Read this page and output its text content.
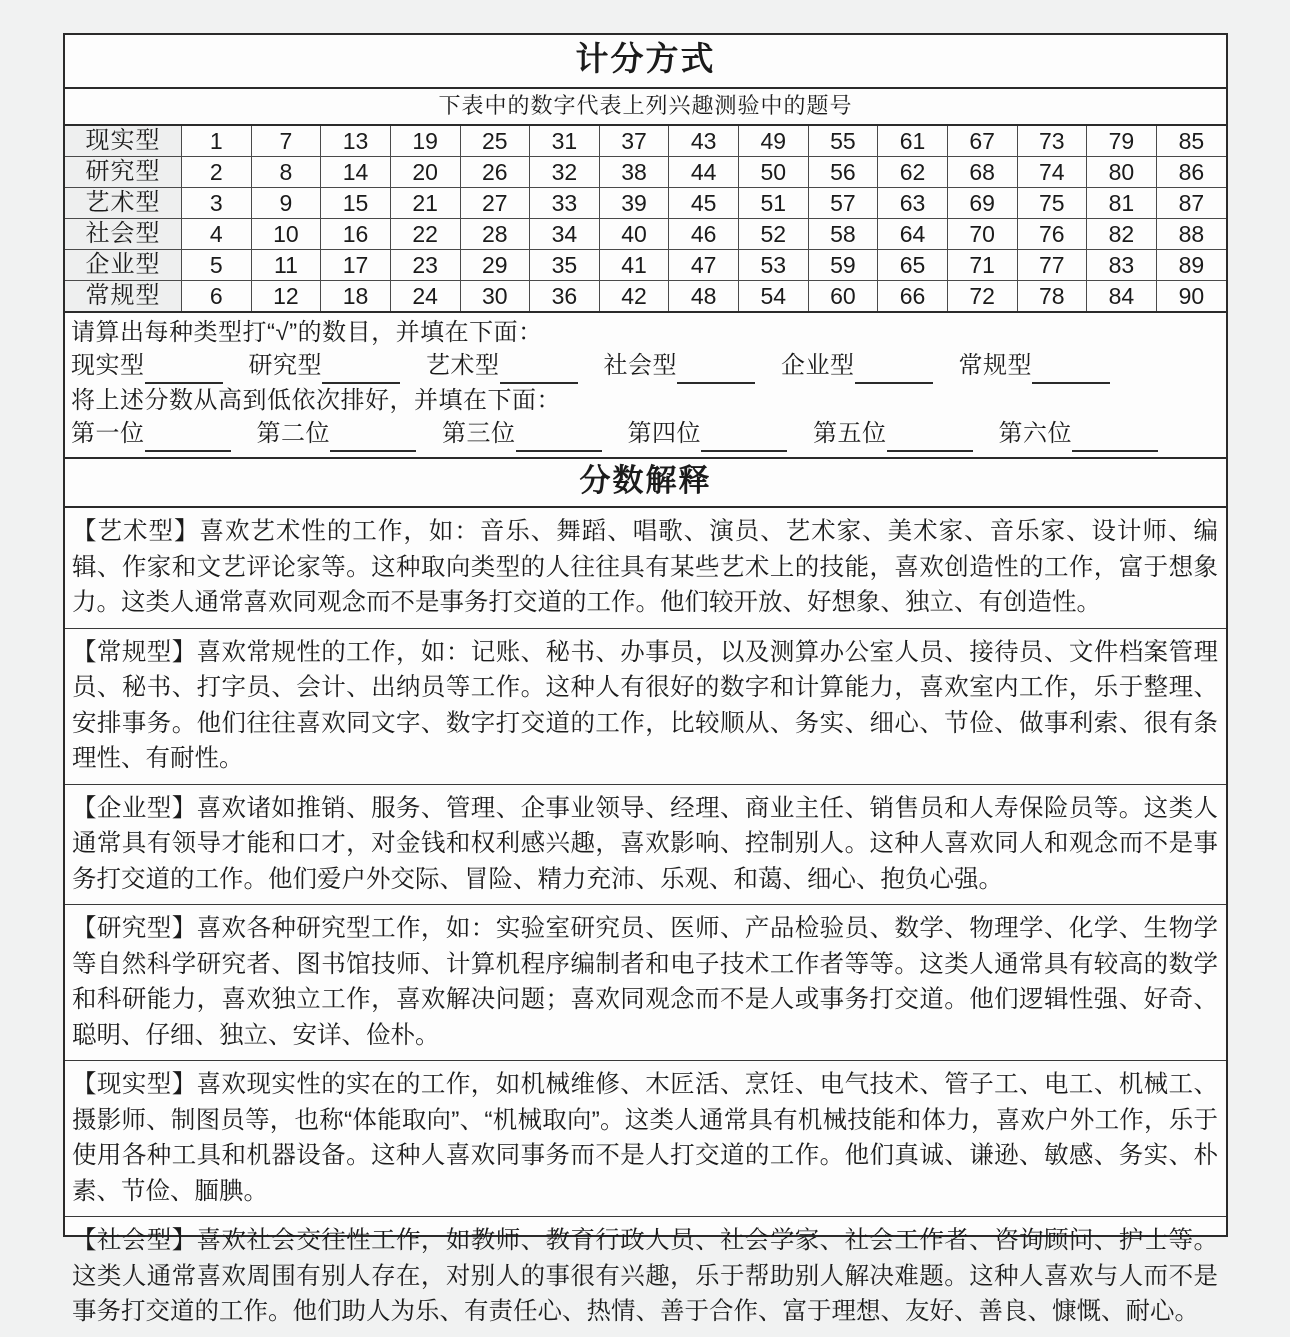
计分方式

下表中的数字代表上列兴趣测验中的题号
现实型	1	7	13	19	25	31	37	43	49	55	61	67	73	79	85
研究型	2	8	14	20	26	32	38	44	50	56	62	68	74	80	86
艺术型	3	9	15	21	27	33	39	45	51	57	63	69	75	81	87
社会型	4	10	16	22	28	34	40	46	52	58	64	70	76	82	88
企业型	5	11	17	23	29	35	41	47	53	59	65	71	77	83	89
常规型	6	12	18	24	30	36	42	48	54	60	66	72	78	84	90
请算出每种类型打“√”的数目，并填在下面：
现实型	研究型	艺术型	社会型	企业型	常规型
将上述分数从高到低依次排好，并填在下面：
第一位	第二位	第三位	第四位	第五位	第六位
分数解释
【艺术型】喜欢艺术性的工作，如：音乐、舞蹈、唱歌、演员、艺术家、美术家、音乐家、设计师、编辑、作家和文艺评论家等。这种取向类型的人往往具有某些艺术上的技能，喜欢创造性的工作，富于想象力。这类人通常喜欢同观念而不是事务打交道的工作。他们较开放、好想象、独立、有创造性。
【常规型】喜欢常规性的工作，如：记账、秘书、办事员，以及测算办公室人员、接待员、文件档案管理员、秘书、打字员、会计、出纳员等工作。这种人有很好的数字和计算能力，喜欢室内工作，乐于整理、安排事务。他们往往喜欢同文字、数字打交道的工作，比较顺从、务实、细心、节俭、做事利索、很有条理性、有耐性。
【企业型】喜欢诸如推销、服务、管理、企事业领导、经理、商业主任、销售员和人寿保险员等。这类人通常具有领导才能和口才，对金钱和权利感兴趣，喜欢影响、控制别人。这种人喜欢同人和观念而不是事务打交道的工作。他们爱户外交际、冒险、精力充沛、乐观、和蔼、细心、抱负心强。
【研究型】喜欢各种研究型工作，如：实验室研究员、医师、产品检验员、数学、物理学、化学、生物学等自然科学研究者、图书馆技师、计算机程序编制者和电子技术工作者等等。这类人通常具有较高的数学和科研能力，喜欢独立工作，喜欢解决问题；喜欢同观念而不是人或事务打交道。他们逻辑性强、好奇、聪明、仔细、独立、安详、俭朴。
【现实型】喜欢现实性的实在的工作，如机械维修、木匠活、烹饪、电气技术、管子工、电工、机械工、摄影师、制图员等，也称“体能取向”、“机械取向”。这类人通常具有机械技能和体力，喜欢户外工作，乐于使用各种工具和机器设备。这种人喜欢同事务而不是人打交道的工作。他们真诚、谦逊、敏感、务实、朴素、节俭、腼腆。
【社会型】喜欢社会交往性工作，如教师、教育行政人员、社会学家、社会工作者、咨询顾问、护士等。这类人通常喜欢周围有别人存在，对别人的事很有兴趣，乐于帮助别人解决难题。这种人喜欢与人而不是事务打交道的工作。他们助人为乐、有责任心、热情、善于合作、富于理想、友好、善良、慷慨、耐心。
